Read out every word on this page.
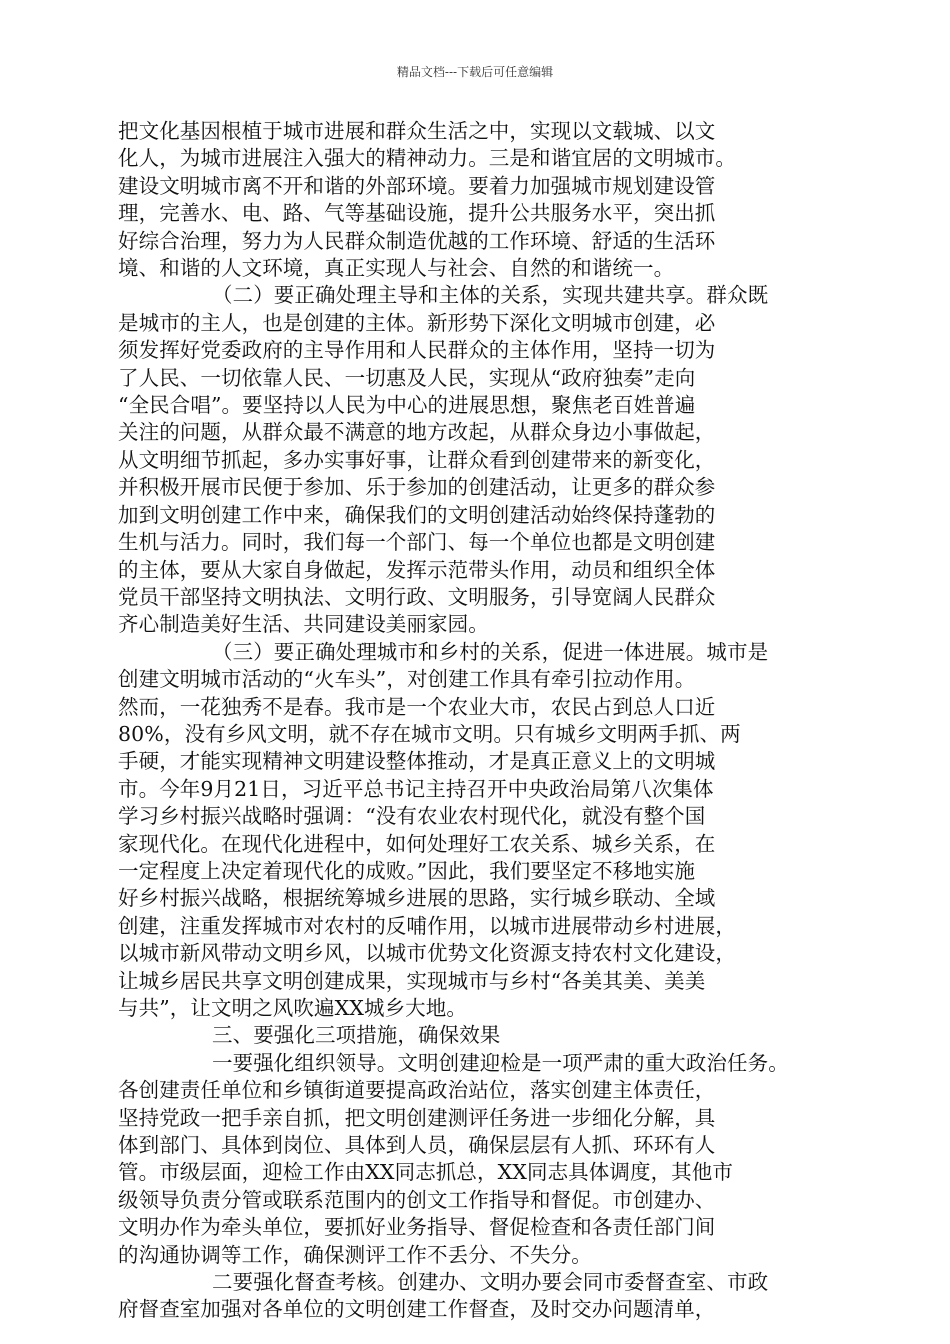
精品文档---下载后可任意编辑
把文化基因根植于城市进展和群众生活之中，实现以文载城、以文
化人，为城市进展注入强大的精神动力。三是和谐宜居的文明城市。
建设文明城市离不开和谐的外部环境。要着力加强城市规划建设管
理，完善水、电、路、气等基础设施，提升公共服务水平，突出抓
好综合治理，努力为人民群众制造优越的工作环境、舒适的生活环
境、和谐的人文环境，真正实现人与社会、自然的和谐统一。
（二）要正确处理主导和主体的关系，实现共建共享。群众既
是城市的主人，也是创建的主体。新形势下深化文明城市创建，必
须发挥好党委政府的主导作用和人民群众的主体作用，坚持一切为
了人民、一切依靠人民、一切惠及人民，实现从“政府独奏”走向
“全民合唱”。要坚持以人民为中心的进展思想，聚焦老百姓普遍
关注的问题，从群众最不满意的地方改起，从群众身边小事做起，
从文明细节抓起，多办实事好事，让群众看到创建带来的新变化，
并积极开展市民便于参加、乐于参加的创建活动，让更多的群众参
加到文明创建工作中来，确保我们的文明创建活动始终保持蓬勃的
生机与活力。同时，我们每一个部门、每一个单位也都是文明创建
的主体，要从大家自身做起，发挥示范带头作用，动员和组织全体
党员干部坚持文明执法、文明行政、文明服务，引导宽阔人民群众
齐心制造美好生活、共同建设美丽家园。
（三）要正确处理城市和乡村的关系，促进一体进展。城市是
创建文明城市活动的“火车头”，对创建工作具有牵引拉动作用。
然而，一花独秀不是春。我市是一个农业大市，农民占到总人口近
80%，没有乡风文明，就不存在城市文明。只有城乡文明两手抓、两
手硬，才能实现精神文明建设整体推动，才是真正意义上的文明城
市。今年9月21日，习近平总书记主持召开中央政治局第八次集体
学习乡村振兴战略时强调：“没有农业农村现代化，就没有整个国
家现代化。在现代化进程中，如何处理好工农关系、城乡关系，在
一定程度上决定着现代化的成败。”因此，我们要坚定不移地实施
好乡村振兴战略，根据统筹城乡进展的思路，实行城乡联动、全域
创建，注重发挥城市对农村的反哺作用，以城市进展带动乡村进展，
以城市新风带动文明乡风，以城市优势文化资源支持农村文化建设，
让城乡居民共享文明创建成果，实现城市与乡村“各美其美、美美
与共”，让文明之风吹遍XX城乡大地。
三、要强化三项措施，确保效果
一要强化组织领导。文明创建迎检是一项严肃的重大政治任务。
各创建责任单位和乡镇街道要提高政治站位，落实创建主体责任，
坚持党政一把手亲自抓，把文明创建测评任务进一步细化分解，具
体到部门、具体到岗位、具体到人员，确保层层有人抓、环环有人
管。市级层面，迎检工作由XX同志抓总，XX同志具体调度，其他市
级领导负责分管或联系范围内的创文工作指导和督促。市创建办、
文明办作为牵头单位，要抓好业务指导、督促检查和各责任部门间
的沟通协调等工作，确保测评工作不丢分、不失分。
二要强化督查考核。创建办、文明办要会同市委督查室、市政
府督查室加强对各单位的文明创建工作督查，及时交办问题清单，
